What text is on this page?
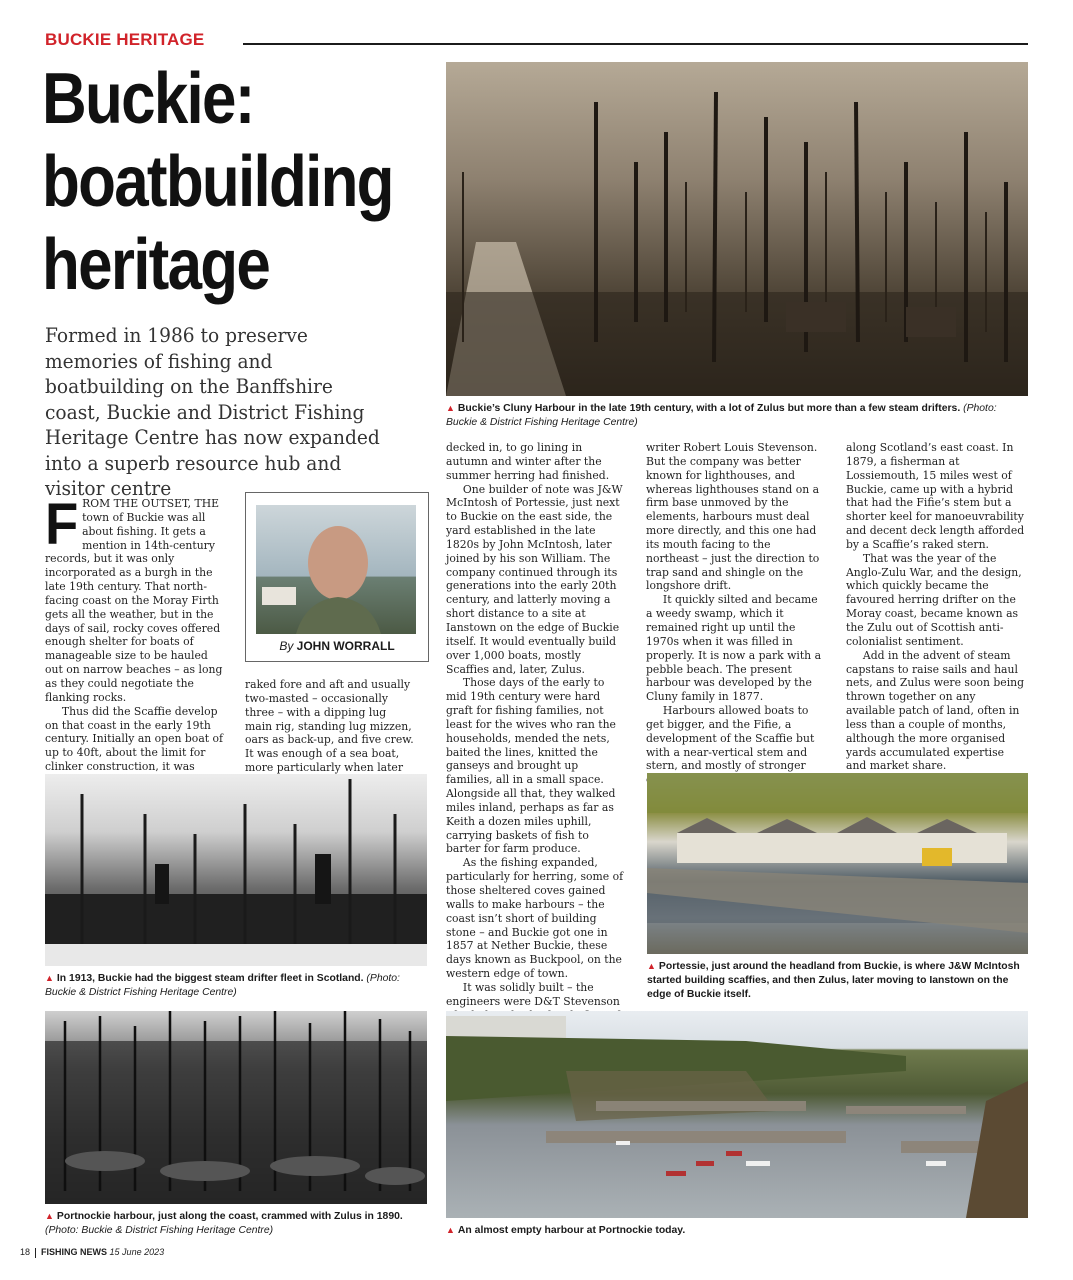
BUCKIE HERITAGE
Buckie:
boatbuilding
heritage
Formed in 1986 to preserve memories of fishing and boatbuilding on the Banffshire coast, Buckie and District Fishing Heritage Centre has now expanded into a superb resource hub and visitor centre
▲ Buckie’s Cluny Harbour in the late 19th century, with a lot of Zulus but more than a few steam drifters. (Photo: Buckie & District Fishing Heritage Centre)

FROM THE OUTSET, THE town of Buckie was all about fishing. It gets a mention in 14th-century records, but it was only incorporated as a burgh in the late 19th century. That north-facing coast on the Moray Firth gets all the weather, but in the days of sail, rocky coves offered enough shelter for boats of manageable size to be hauled out on narrow beaches – as long as they could negotiate the flanking rocks.

Thus did the Scaffie develop on that coast in the early 19th century. Initially an open boat of up to 40ft, about the limit for clinker construction, it was

By JOHN WORRALL

raked fore and aft and usually two-masted – occasionally three – with a dipping lug main rig, standing lug mizzen, oars as back-up, and five crew. It was enough of a sea boat, more particularly when later

decked in, to go lining in autumn and winter after the summer herring had finished.

One builder of note was J&W McIntosh of Portessie, just next to Buckie on the east side, the yard established in the late 1820s by John McIntosh, later joined by his son William. The company continued through its generations into the early 20th century, and latterly moving a short distance to a site at Ianstown on the edge of Buckie itself. It would eventually build over 1,000 boats, mostly Scaffies and, later, Zulus.

Those days of the early to mid 19th century were hard graft for fishing families, not least for the wives who ran the households, mended the nets, baited the lines, knitted the ganseys and brought up families, all in a small space. Alongside all that, they walked miles inland, perhaps as far as Keith a dozen miles uphill, carrying baskets of fish to barter for farm produce.

As the fishing expanded, particularly for herring, some of those sheltered coves gained walls to make harbours – the coast isn’t short of building stone – and Buckie got one in 1857 at Nether Buckie, these days known as Buckpool, on the western edge of town.

It was solidly built – the engineers were D&T Stevenson

writer Robert Louis Stevenson. But the company was better known for lighthouses, and whereas lighthouses stand on a firm base unmoved by the elements, harbours must deal more directly, and this one had its mouth facing to the northeast – just the direction to trap sand and shingle on the longshore drift.

It quickly silted and became a weedy swamp, which it remained right up until the 1970s when it was filled in properly. It is now a park with a pebble beach. The present harbour was developed by the Cluny family in 1877.

Harbours allowed boats to get bigger, and the Fifie, a development of the Scaffie but with a near-vertical stem and stern, and mostly of stronger

along Scotland’s east coast. In 1879, a fisherman at Lossiemouth, 15 miles west of Buckie, came up with a hybrid that had the Fifie’s stem but a shorter keel for manoeuvrability and decent deck length afforded by a Scaffie’s raked stern.

That was the year of the Anglo-Zulu War, and the design, which quickly became the favoured herring drifter on the Moray coast, became known as the Zulu out of Scottish anti-colonialist sentiment.

Add in the advent of steam capstans to raise sails and haul nets, and Zulus were soon being thrown together on any available patch of land, often in less than a couple of months, although the more organised yards accumulated expertise and market share.

▲ In 1913, Buckie had the biggest steam drifter fleet in Scotland. (Photo: Buckie & District Fishing Heritage Centre)
▲ Portessie, just around the headland from Buckie, is where J&W McIntosh started building scaffies, and then Zulus, later moving to Ianstown on the edge of Buckie itself.
▲ Portnockie harbour, just along the coast, crammed with Zulus in 1890.
(Photo: Buckie & District Fishing Heritage Centre)	▲ An almost empty harbour at Portnockie today.
18 FISHING NEWS 15 June 2023
